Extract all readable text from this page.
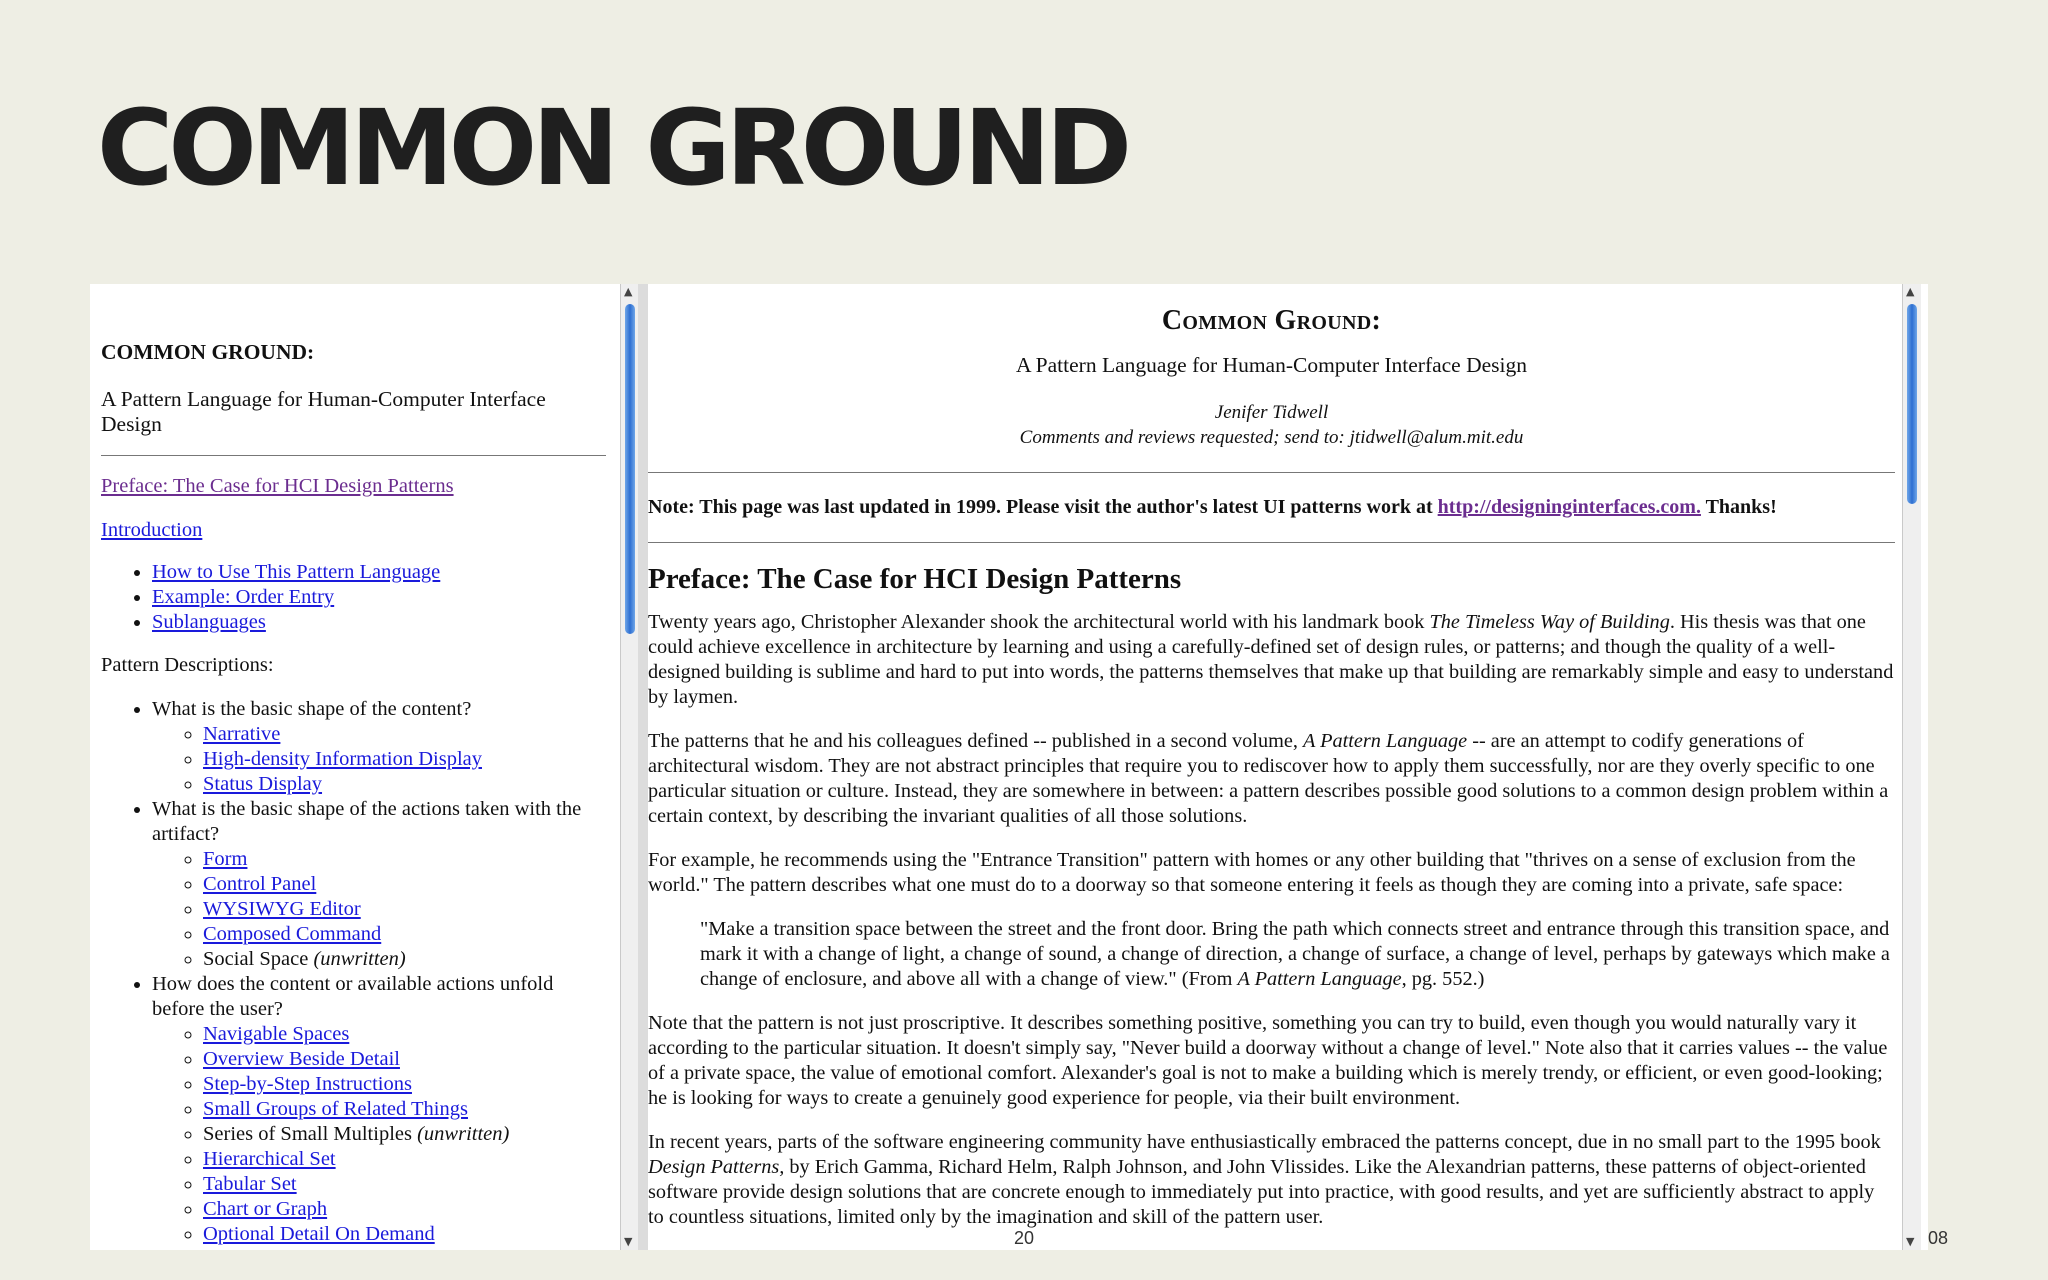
COMMON GROUND
COMMON GROUND:

A Pattern Language for Human-Computer Interface Design

Preface: The Case for HCI Design Patterns

Introduction

• How to Use This Pattern Language
• Example: Order Entry
• Sublanguages

Pattern Descriptions:

• What is the basic shape of the content?
◦ Narrative
◦ High-density Information Display
◦ Status Display
• What is the basic shape of the actions taken with the artifact?
◦ Form
◦ Control Panel
◦ WYSIWYG Editor
◦ Composed Command
◦ Social Space (unwritten)
• How does the content or available actions unfold before the user?
◦ Navigable Spaces
◦ Overview Beside Detail
◦ Step-by-Step Instructions
◦ Small Groups of Related Things
◦ Series of Small Multiples (unwritten)
◦ Hierarchical Set
◦ Tabular Set
◦ Chart or Graph
◦ Optional Detail On Demand
▲
▼
Common Ground:
A Pattern Language for Human-Computer Interface Design

Jenifer Tidwell

Comments and reviews requested; send to: jtidwell@alum.mit.edu

Note: This page was last updated in 1999. Please visit the author's latest UI patterns work at http://designinginterfaces.com. Thanks!

Preface: The Case for HCI Design Patterns

Twenty years ago, Christopher Alexander shook the architectural world with his landmark book The Timeless Way of Building. His thesis was that one could achieve excellence in architecture by learning and using a carefully-defined set of design rules, or patterns; and though the quality of a well-designed building is sublime and hard to put into words, the patterns themselves that make up that building are remarkably simple and easy to understand by laymen.

The patterns that he and his colleagues defined -- published in a second volume, A Pattern Language -- are an attempt to codify generations of architectural wisdom. They are not abstract principles that require you to rediscover how to apply them successfully, nor are they overly specific to one particular situation or culture. Instead, they are somewhere in between: a pattern describes possible good solutions to a common design problem within a certain context, by describing the invariant qualities of all those solutions.

For example, he recommends using the "Entrance Transition" pattern with homes or any other building that "thrives on a sense of exclusion from the world." The pattern describes what one must do to a doorway so that someone entering it feels as though they are coming into a private, safe space:

"Make a transition space between the street and the front door. Bring the path which connects street and entrance through this transition space, and mark it with a change of light, a change of sound, a change of direction, a change of surface, a change of level, perhaps by gateways which make a change of enclosure, and above all with a change of view." (From A Pattern Language, pg. 552.)

Note that the pattern is not just proscriptive. It describes something positive, something you can try to build, even though you would naturally vary it according to the particular situation. It doesn't simply say, "Never build a doorway without a change of level." Note also that it carries values -- the value of a private space, the value of emotional comfort. Alexander's goal is not to make a building which is merely trendy, or efficient, or even good-looking; he is looking for ways to create a genuinely good experience for people, via their built environment.

In recent years, parts of the software engineering community have enthusiastically embraced the patterns concept, due in no small part to the 1995 book Design Patterns, by Erich Gamma, Richard Helm, Ralph Johnson, and John Vlissides. Like the Alexandrian patterns, these patterns of object-oriented software provide design solutions that are concrete enough to immediately put into practice, with good results, and yet are sufficiently abstract to apply to countless situations, limited only by the imagination and skill of the pattern user.

▲
▼
20	08
